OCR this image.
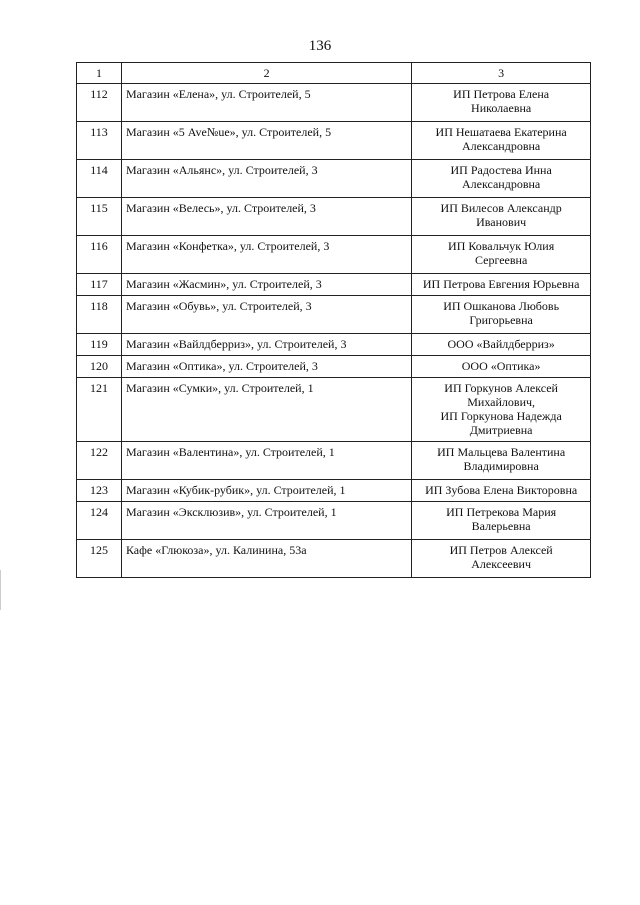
136
1	2	3
112	Магазин «Елена», ул. Строителей, 5	ИП Петрова Елена
Николаевна
113	Магазин «5 Ave№ue», ул. Строителей, 5	ИП Нешатаева Екатерина
Александровна
114	Магазин «Альянс», ул. Строителей, 3	ИП Радостева Инна
Александровна
115	Магазин «Велесь», ул. Строителей, 3	ИП Вилесов Александр
Иванович
116	Магазин «Конфетка», ул. Строителей, 3	ИП Ковальчук Юлия
Сергеевна
117	Магазин «Жасмин», ул. Строителей, 3	ИП Петрова Евгения Юрьевна
118	Магазин «Обувь», ул. Строителей, 3	ИП Ошканова Любовь
Григорьевна
119	Магазин «Вайлдберриз», ул. Строителей, 3	ООО «Вайлдберриз»
120	Магазин «Оптика», ул. Строителей, 3	ООО «Оптика»
121	Магазин «Сумки», ул. Строителей, 1	ИП Горкунов Алексей
Михайлович,
ИП Горкунова Надежда
Дмитриевна
122	Магазин «Валентина», ул. Строителей, 1	ИП Мальцева Валентина
Владимировна
123	Магазин «Кубик-рубик», ул. Строителей, 1	ИП Зубова Елена Викторовна
124	Магазин «Эксклюзив», ул. Строителей, 1	ИП Петрекова Мария
Валерьевна
125	Кафе «Глюкоза», ул. Калинина, 53а	ИП Петров Алексей
Алексеевич
